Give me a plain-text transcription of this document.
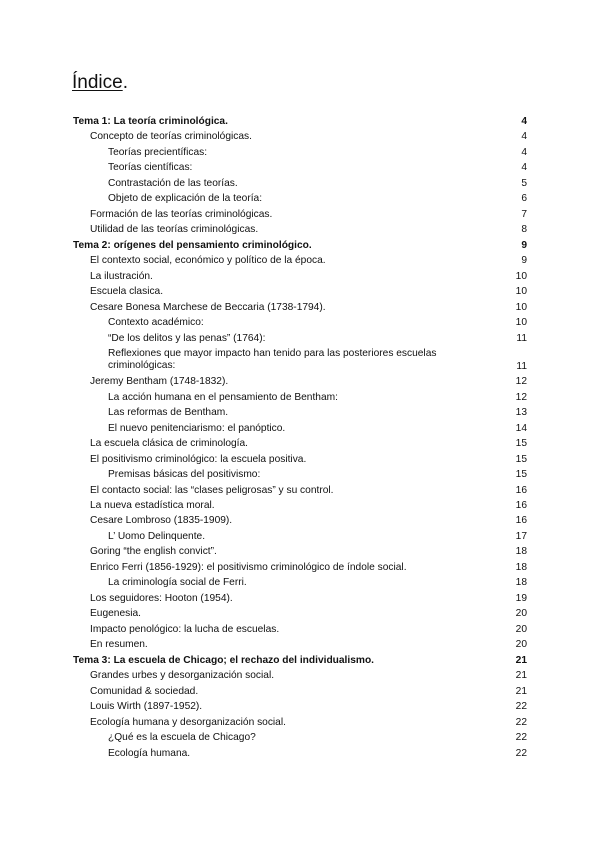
Índice.
Tema 1: La teoría criminológica.	4
Concepto de teorías criminológicas.	4
Teorías precientíficas:	4
Teorías científicas:	4
Contrastación de las teorías.	5
Objeto de explicación de la teoría:	6
Formación de las teorías criminológicas.	7
Utilidad de las teorías criminológicas.	8
Tema 2: orígenes del pensamiento criminológico.	9
El contexto social, económico y político de la época.	9
La ilustración.	10
Escuela clasica.	10
Cesare Bonesa Marchese de Beccaria (1738-1794).	10
Contexto académico:	10
“De los delitos y las penas” (1764):	11
Reflexiones que mayor impacto han tenido para las posteriores escuelas criminológicas:	11
Jeremy Bentham (1748-1832).	12
La acción humana en el pensamiento de Bentham:	12
Las reformas de Bentham.	13
El nuevo penitenciarismo: el panóptico.	14
La escuela clásica de criminología.	15
El positivismo criminológico: la escuela positiva.	15
Premisas básicas del positivismo:	15
El contacto social: las “clases peligrosas” y su control.	16
La nueva estadística moral.	16
Cesare Lombroso (1835-1909).	16
L’ Uomo Delinquente.	17
Goring “the english convict”.	18
Enrico Ferri (1856-1929): el positivismo criminológico de índole social.	18
La criminología social de Ferri.	18
Los seguidores: Hooton (1954).	19
Eugenesia.	20
Impacto penológico: la lucha de escuelas.	20
En resumen.	20
Tema 3: La escuela de Chicago; el rechazo del individualismo.	21
Grandes urbes y desorganización social.	21
Comunidad & sociedad.	21
Louis Wirth (1897-1952).	22
Ecología humana y desorganización social.	22
¿Qué es la escuela de Chicago?	22
Ecología humana.	22
